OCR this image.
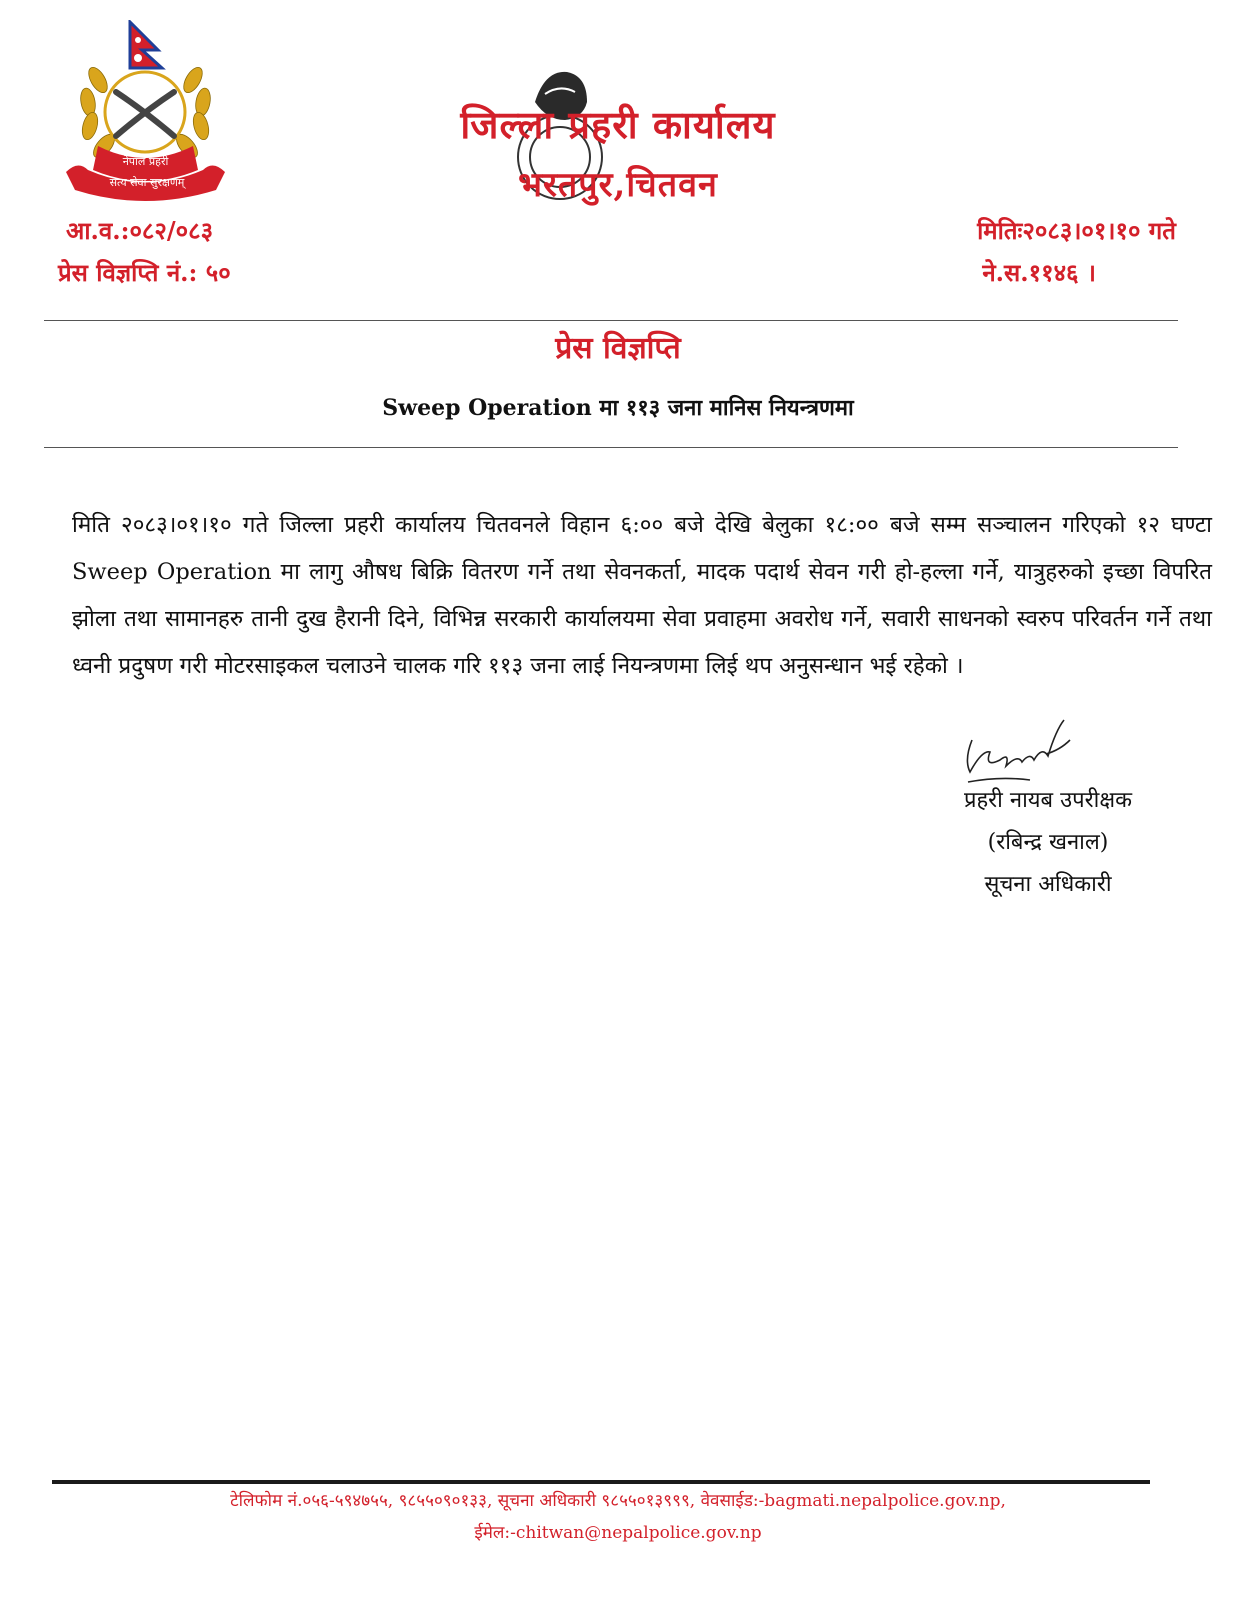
नेपाल प्रहरी
सत्य सेवा सुरक्षणम्
जिल्ला प्रहरी कार्यालय
भरतपुर,चितवन
आ.व.:०८२/०८३
प्रेस विज्ञप्ति नं.: ५०
मितिः२०८३।०१।१० गते
ने.स.११४६ ।
प्रेस विज्ञप्ति
Sweep Operation मा ११३ जना मानिस नियन्त्रणमा

मिति २०८३।०१।१० गते जिल्ला प्रहरी कार्यालय चितवनले विहान ६:०० बजे देखि बेलुका १८:०० बजे सम्म सञ्चालन गरिएको १२ घण्टा Sweep Operation मा लागु औषध बिक्रि वितरण गर्ने तथा सेवनकर्ता, मादक पदार्थ सेवन गरी हो-हल्ला गर्ने, यात्रुहरुको इच्छा विपरित झोला तथा सामानहरु तानी दुख हैरानी दिने, विभिन्न सरकारी कार्यालयमा सेवा प्रवाहमा अवरोध गर्ने, सवारी साधनको स्वरुप परिवर्तन गर्ने तथा ध्वनी प्रदुषण गरी मोटरसाइकल चलाउने चालक गरि ११३ जना लाई नियन्त्रणमा लिई थप अनुसन्धान भई रहेको ।

प्रहरी नायब उपरीक्षक
(रबिन्द्र खनाल)
सूचना अधिकारी
टेलिफोम नं.०५६-५९४७५५, ९८५५०९०१३३, सूचना अधिकारी ९८५५०१३९९९, वेवसाईड:-bagmati.nepalpolice.gov.np,
ईमेल:-chitwan@nepalpolice.gov.np
